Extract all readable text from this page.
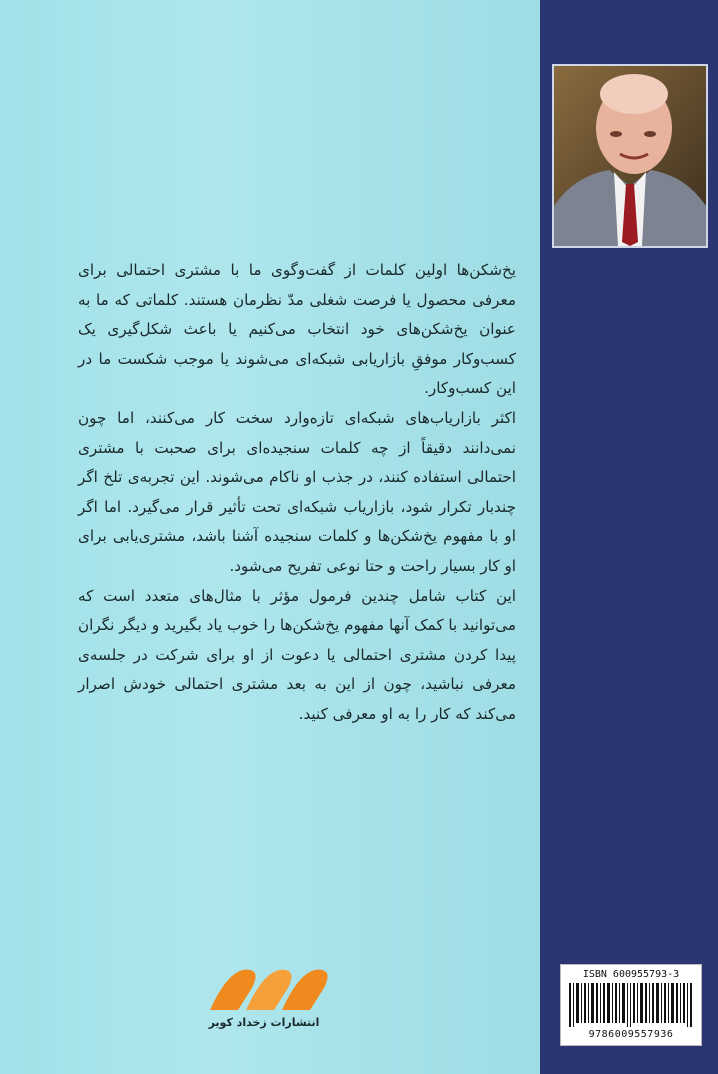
یخ‌شکن‌ها اولین کلمات از گفت‌وگوی ما با مشتری احتمالی برای معرفی محصول یا فرصت شغلی مدّ نظرمان هستند. کلماتی که ما به عنوان یخ‌شکن‌های خود انتخاب می‌کنیم یا باعث شکل‌گیری یک کسب‌وکار موفقِ بازاریابی شبکه‌ای می‌شوند یا موجب شکست ما در این کسب‌وکار.

اکثر بازاریاب‌های شبکه‌ای تازه‌وارد سخت کار می‌کنند، اما چون نمی‌دانند دقیقاً از چه کلمات سنجیده‌ای برای صحبت با مشتری احتمالی استفاده کنند، در جذب او ناکام می‌شوند. این تجربه‌ی تلخ اگر چندبار تکرار شود، بازاریاب شبکه‌ای تحت تأثیر قرار می‌گیرد. اما اگر او با مفهوم یخ‌شکن‌ها و کلمات سنجیده آشنا باشد، مشتری‌یابی برای او کار بسیار راحت و حتا نوعی تفریح می‌شود.

این کتاب شامل چندین فرمول مؤثر با مثال‌های متعدد است که می‌توانید با کمک آنها مفهوم یخ‌شکن‌ها را خوب یاد بگیرید و دیگر نگران پیدا کردن مشتری احتمالی یا دعوت از او برای شرکت در جلسه‌ی معرفی نباشید، چون از این به بعد مشتری احتمالی خودش اصرار می‌کند که کار را به او معرفی کنید.

انتشارات زخداد کویر
ISBN 600955793-3
9786009557936
